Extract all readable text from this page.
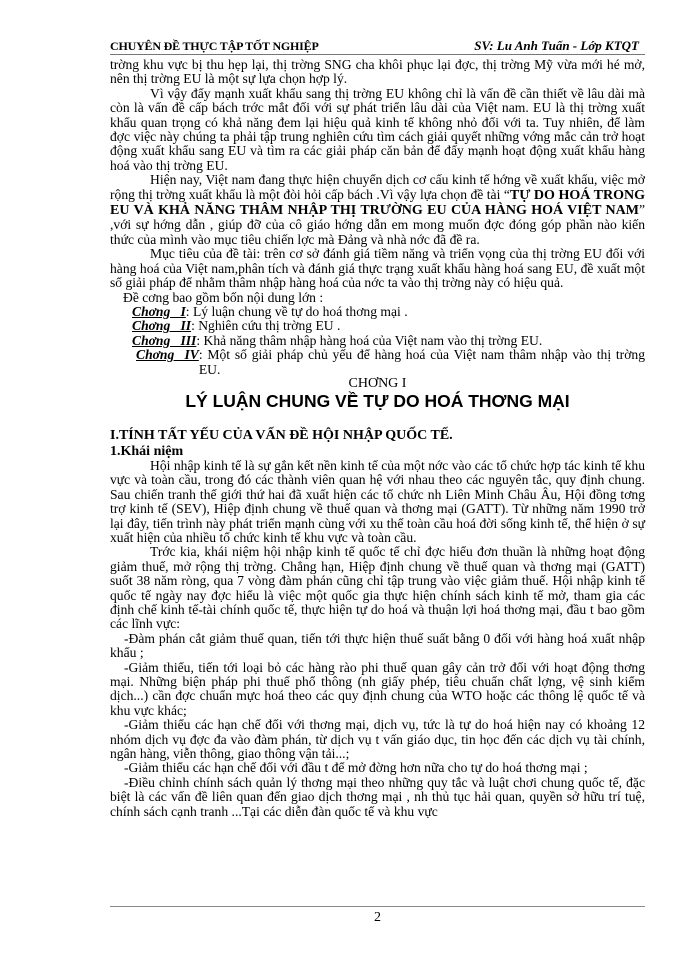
CHUYÊN ĐỀ THỰC TẬP TỐT NGHIỆP	SV: Lu Anh Tuấn - Lớp KTQT

trờng khu vực bị thu hẹp lại, thị trờng SNG cha khôi phục lại đợc, thị trờng Mỹ vừa mới hé mở, nên thị trờng EU là một sự lựa chọn hợp lý.

Vì vậy đẩy mạnh xuất khẩu sang thị trờng EU không chỉ là vấn đề cần thiết về lâu dài mà còn là vấn đề cấp bách trớc mắt đối với sự phát triển lâu dài của Việt nam. EU là thị trờng xuất khẩu quan trọng có khả năng đem lại hiệu quả kinh tế không nhỏ đối với ta. Tuy nhiên, để làm đợc việc này chúng ta phải tập trung nghiên cứu tìm cách giải quyết những vớng mắc cản trở hoạt động xuất khẩu sang EU và tìm ra các giải pháp căn bản để đẩy mạnh hoạt động xuất khẩu hàng hoá vào thị trờng EU.

Hiện nay, Việt nam đang thực hiện chuyển dịch cơ cấu kinh tế hớng về xuất khẩu, việc mở rộng thị trờng xuất khẩu là một đòi hỏi cấp bách .Vì vậy lựa chọn đề tài “TỰ DO HOÁ TRONG EU VÀ KHẢ NĂNG THÂM NHẬP THỊ TRƯỜNG EU CỦA HÀNG HOÁ VIỆT NAM” ,với sự hớng dẫn , giúp đỡ của cô giáo hớng dẫn em mong muốn đợc đóng góp phần nào kiến thức của mình vào mục tiêu chiến lợc mà Đảng và nhà nớc đã đề ra.

Mục tiêu của đề tài: trên cơ sở đánh giá tiềm năng và triển vọng của thị trờng EU đối với hàng hoá của Việt nam,phân tích và đánh giá thực trạng xuất khẩu hàng hoá sang EU, đề xuất một số giải pháp để nhằm thâm nhập hàng hoá của nớc ta vào thị trờng này có hiệu quả.

Đề cơng bao gồm bốn nội dung lớn :

Chơng   I : Lý luận chung về tự do hoá thơng mại .
Chơng   II : Nghiên cứu thị trờng EU .
Chơng   III : Khả năng thâm nhập hàng hoá của Việt nam vào thị trờng EU.
Chơng   IV : Một số giải pháp chủ yếu để hàng hoá của Việt nam thâm nhập vào thị trờng EU.

CHƠNG I

LÝ LUẬN CHUNG VỀ TỰ DO HOÁ THƠNG MẠI

I.TÍNH TẤT YẾU CỦA VẤN ĐỀ HỘI NHẬP QUỐC TẾ.

1.Khái niệm

Hội nhập kinh tế là sự gắn kết nền kinh tế của một nớc vào các tổ chức hợp tác kinh tế khu vực và toàn cầu, trong đó các thành viên quan hệ với nhau theo các nguyên tắc, quy định chung. Sau chiến tranh thế giới thứ hai đã xuất hiện các tổ chức nh Liên Minh Châu Âu, Hội đồng tơng trợ kinh tế (SEV), Hiệp định chung về thuế quan và thơng mại (GATT). Từ những năm 1990 trở lại đây, tiến trình này phát triển mạnh cùng với xu thế toàn cầu hoá đời sống kinh tế, thể hiện ở sự xuất hiện của nhiều tổ chức kinh tế khu vực và toàn cầu.

Trớc kia, khái niệm hội nhập kinh tế quốc tế chỉ đợc hiểu đơn thuần là những hoạt động giảm thuế, mở rộng thị trờng. Chẳng hạn, Hiệp định chung về thuế quan và thơng mại (GATT) suốt 38 năm ròng, qua 7 vòng đàm phán cũng chỉ tập trung vào việc giảm thuế. Hội nhập kinh tế quốc tế ngày nay đợc hiểu là việc một quốc gia thực hiện chính sách kinh tế mở, tham gia các định chế kinh tế-tài chính quốc tế, thực hiện tự do hoá và thuận lợi hoá thơng mại, đầu t bao gồm các lĩnh vực:

-Đàm phán cắt giảm thuế quan, tiến tới thực hiện thuế suất bằng 0 đối với hàng hoá xuất nhập khẩu ;

-Giảm thiểu, tiến tới loại bỏ các hàng rào phi thuế quan gây cản trở đối với hoạt động thơng mại. Những biện pháp phi thuế phổ thông (nh giấy phép, tiêu chuẩn chất lợng, vệ sinh kiểm dịch...) cần đợc chuẩn mực hoá theo các quy định chung của WTO hoặc các thông lệ quốc tế và khu vực khác;

-Giảm thiểu các hạn chế đối với thơng mại, dịch vụ, tức là tự do hoá hiện nay có khoảng 12 nhóm dịch vụ đợc đa vào đàm phán, từ dịch vụ t vấn giáo dục, tin học đến các dịch vụ tài chính, ngân hàng, viễn thông, giao thông vận tải...;

-Giảm thiểu các hạn chế đối với đầu t để mở đờng hơn nữa cho tự do hoá thơng mại ;

-Điều chỉnh chính sách quản lý thơng mại theo những quy tắc và luật chơi chung quốc tế, đặc biệt là các vấn đề liên quan đến giao dịch thơng mại , nh thủ tục hải quan, quyền sở hữu trí tuệ, chính sách cạnh tranh ...Tại các diễn đàn quốc tế và khu vực

2
